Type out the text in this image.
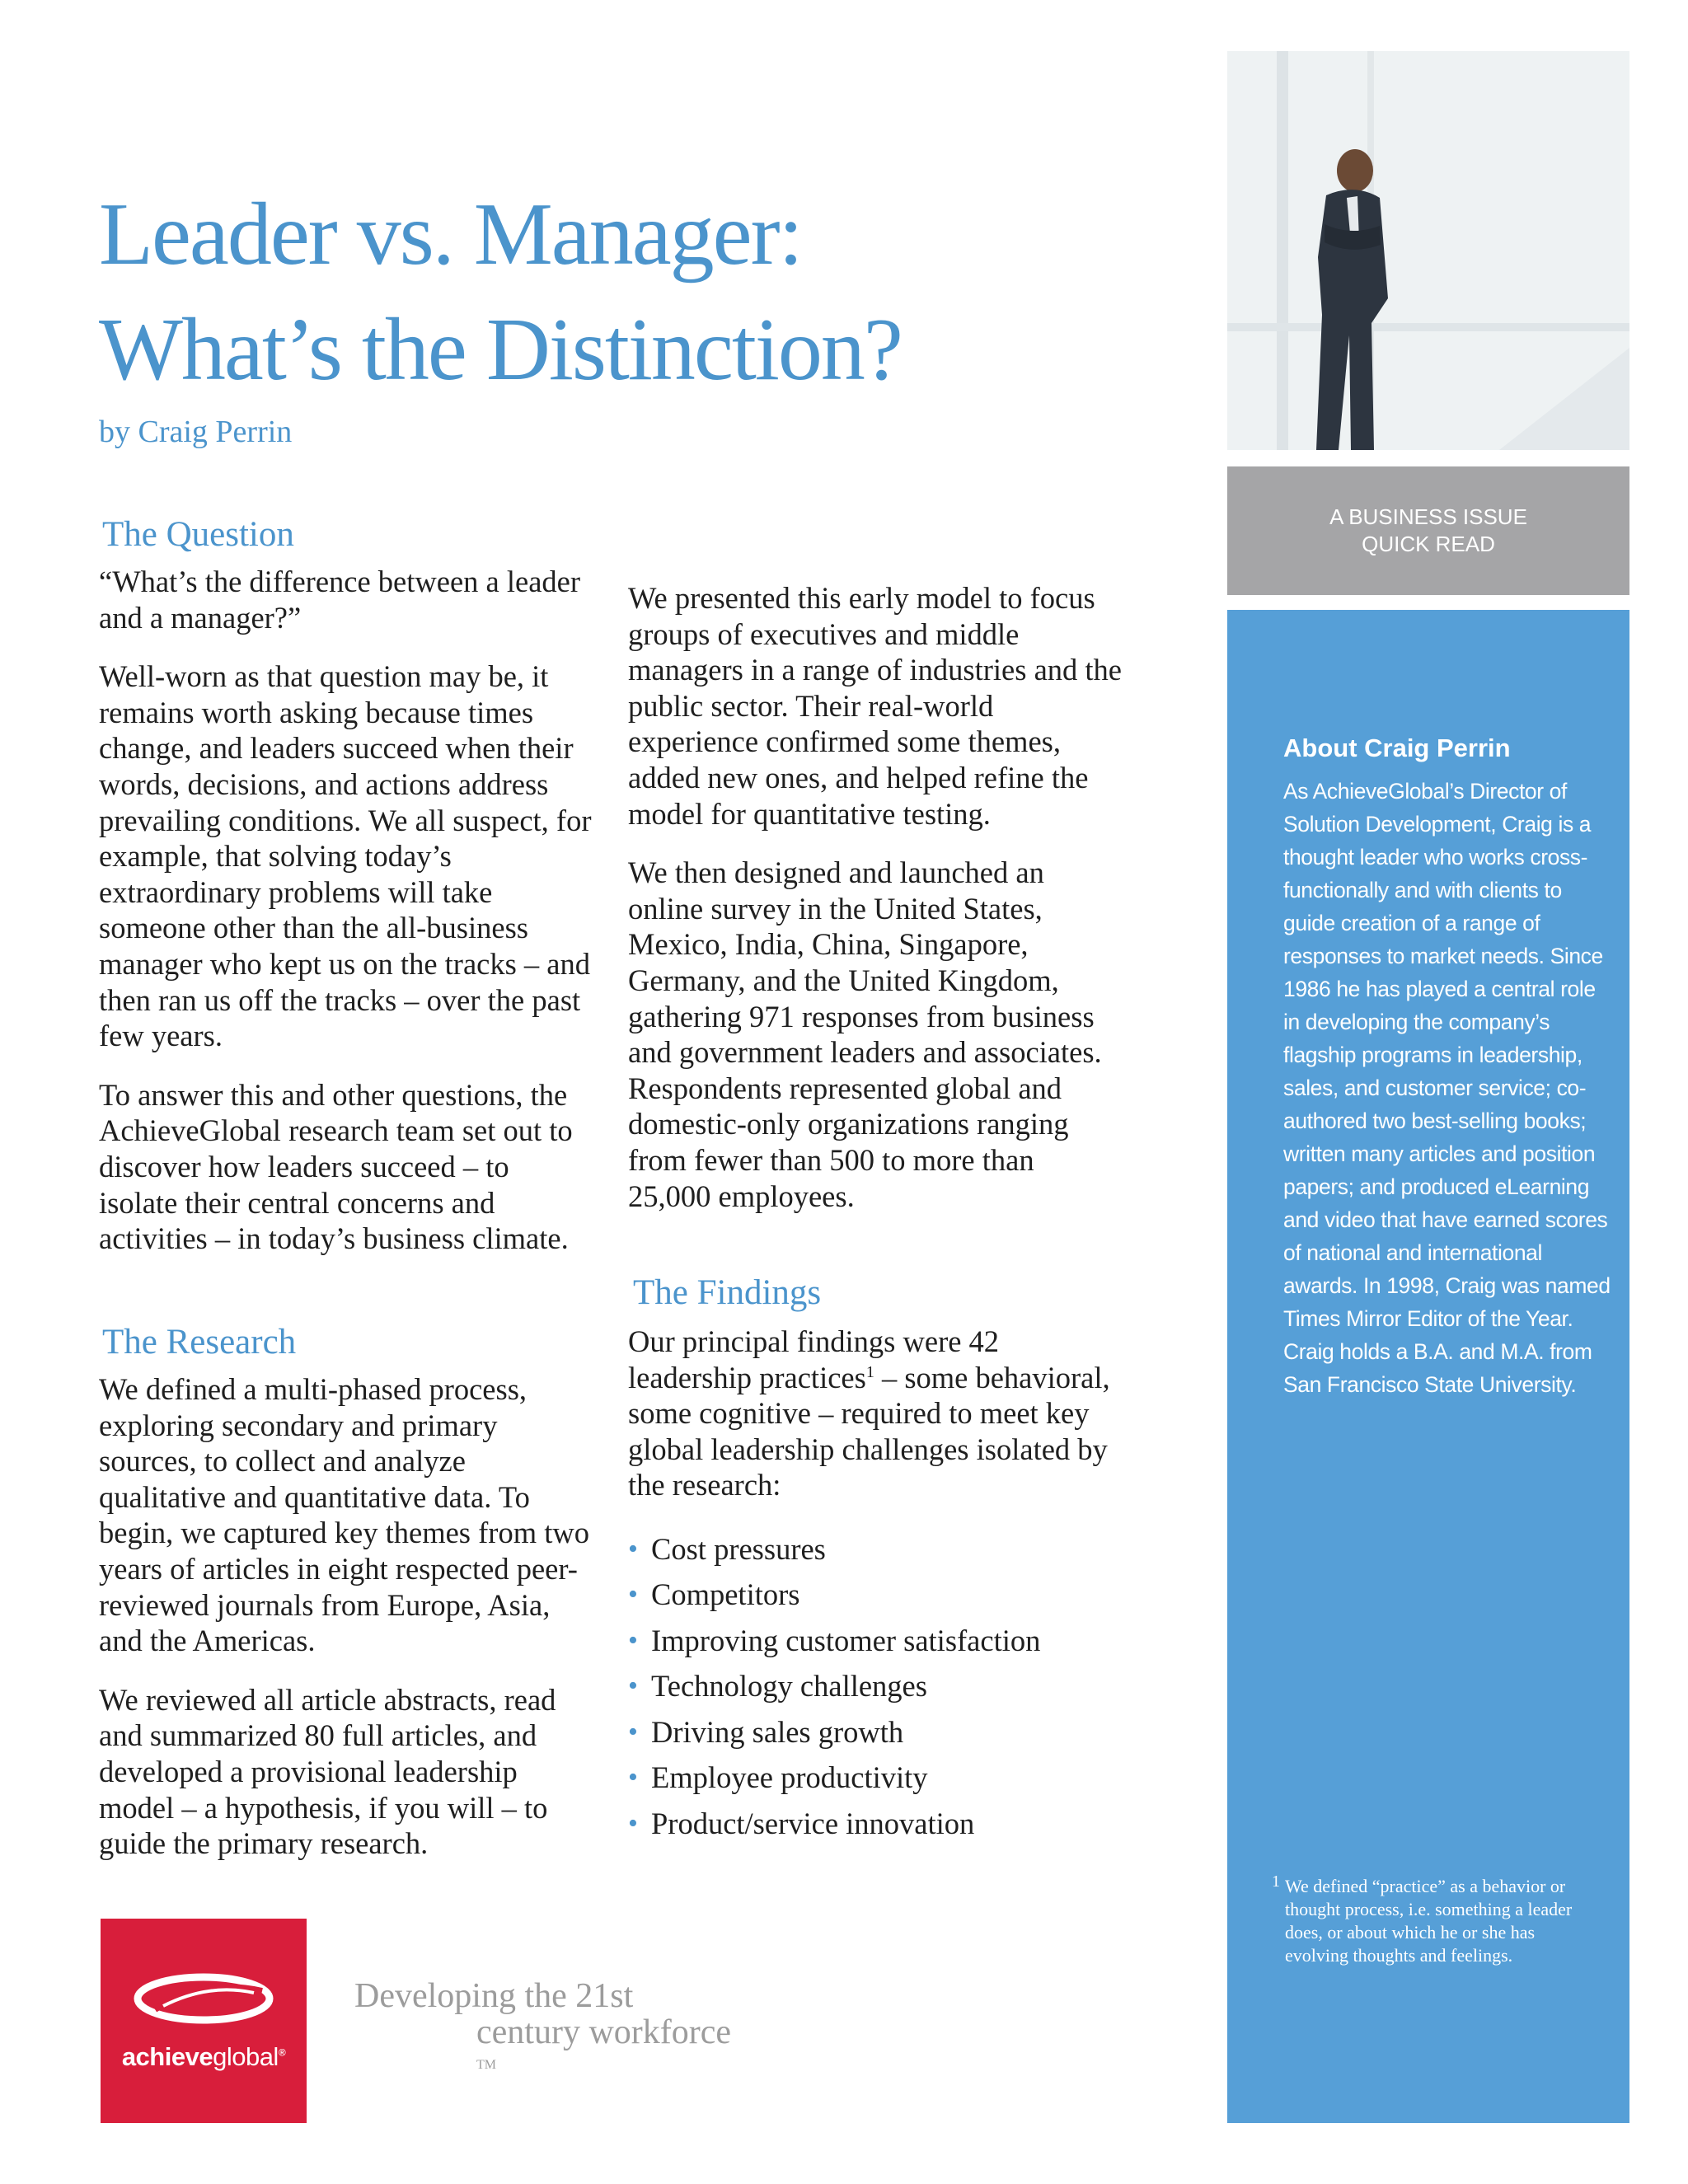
Leader vs. Manager:
What’s the Distinction?

by Craig Perrin

The Question

“What’s the difference between a leader and a manager?”

Well-worn as that question may be, it remains worth asking because times change, and leaders succeed when their words, decisions, and actions address prevailing conditions. We all suspect, for example, that solving today’s extraordinary problems will take someone other than the all-business manager who kept us on the tracks – and then ran us off the tracks – over the past few years.

To answer this and other questions, the AchieveGlobal research team set out to discover how leaders succeed – to isolate their central concerns and activities – in today’s business climate.

The Research

We defined a multi-phased process, exploring secondary and primary sources, to collect and analyze qualitative and quantitative data. To begin, we captured key themes from two years of articles in eight respected peer-reviewed journals from Europe, Asia, and the Americas.

We reviewed all article abstracts, read and summarized 80 full articles, and developed a provisional leadership model – a hypothesis, if you will – to guide the primary research.

We presented this early model to focus groups of executives and middle managers in a range of industries and the public sector. Their real-world experience confirmed some themes, added new ones, and helped refine the model for quantitative testing.

We then designed and launched an online survey in the United States, Mexico, India, China, Singapore, Germany, and the United Kingdom, gathering 971 responses from business and government leaders and associates. Respondents represented global and domestic-only organizations ranging from fewer than 500 to more than 25,000 employees.

The Findings

Our principal findings were 42 leadership practices$^1$ – some behavioral, some cognitive – required to meet key global leadership challenges isolated by the research:

• Cost pressures
• Competitors
• Improving customer satisfaction
• Technology challenges
• Driving sales growth
• Employee productivity
• Product/service innovation
A BUSINESS ISSUE
QUICK READ
About Craig Perrin

As AchieveGlobal’s Director of Solution Development, Craig is a thought leader who works cross-functionally and with clients to guide creation of a range of responses to market needs. Since 1986 he has played a central role in developing the company’s flagship programs in leadership, sales, and customer service; co-authored two best-selling books; written many articles and position papers; and produced eLearning and video that have earned scores of national and international awards. In 1998, Craig was named Times Mirror Editor of the Year. Craig holds a B.A. and M.A. from San Francisco State University.

1 We defined “practice” as a behavior or thought process, i.e. something a leader does, or about which he or she has evolving thoughts and feelings.
achieveglobal®
Developing the 21st
century workforce
™
